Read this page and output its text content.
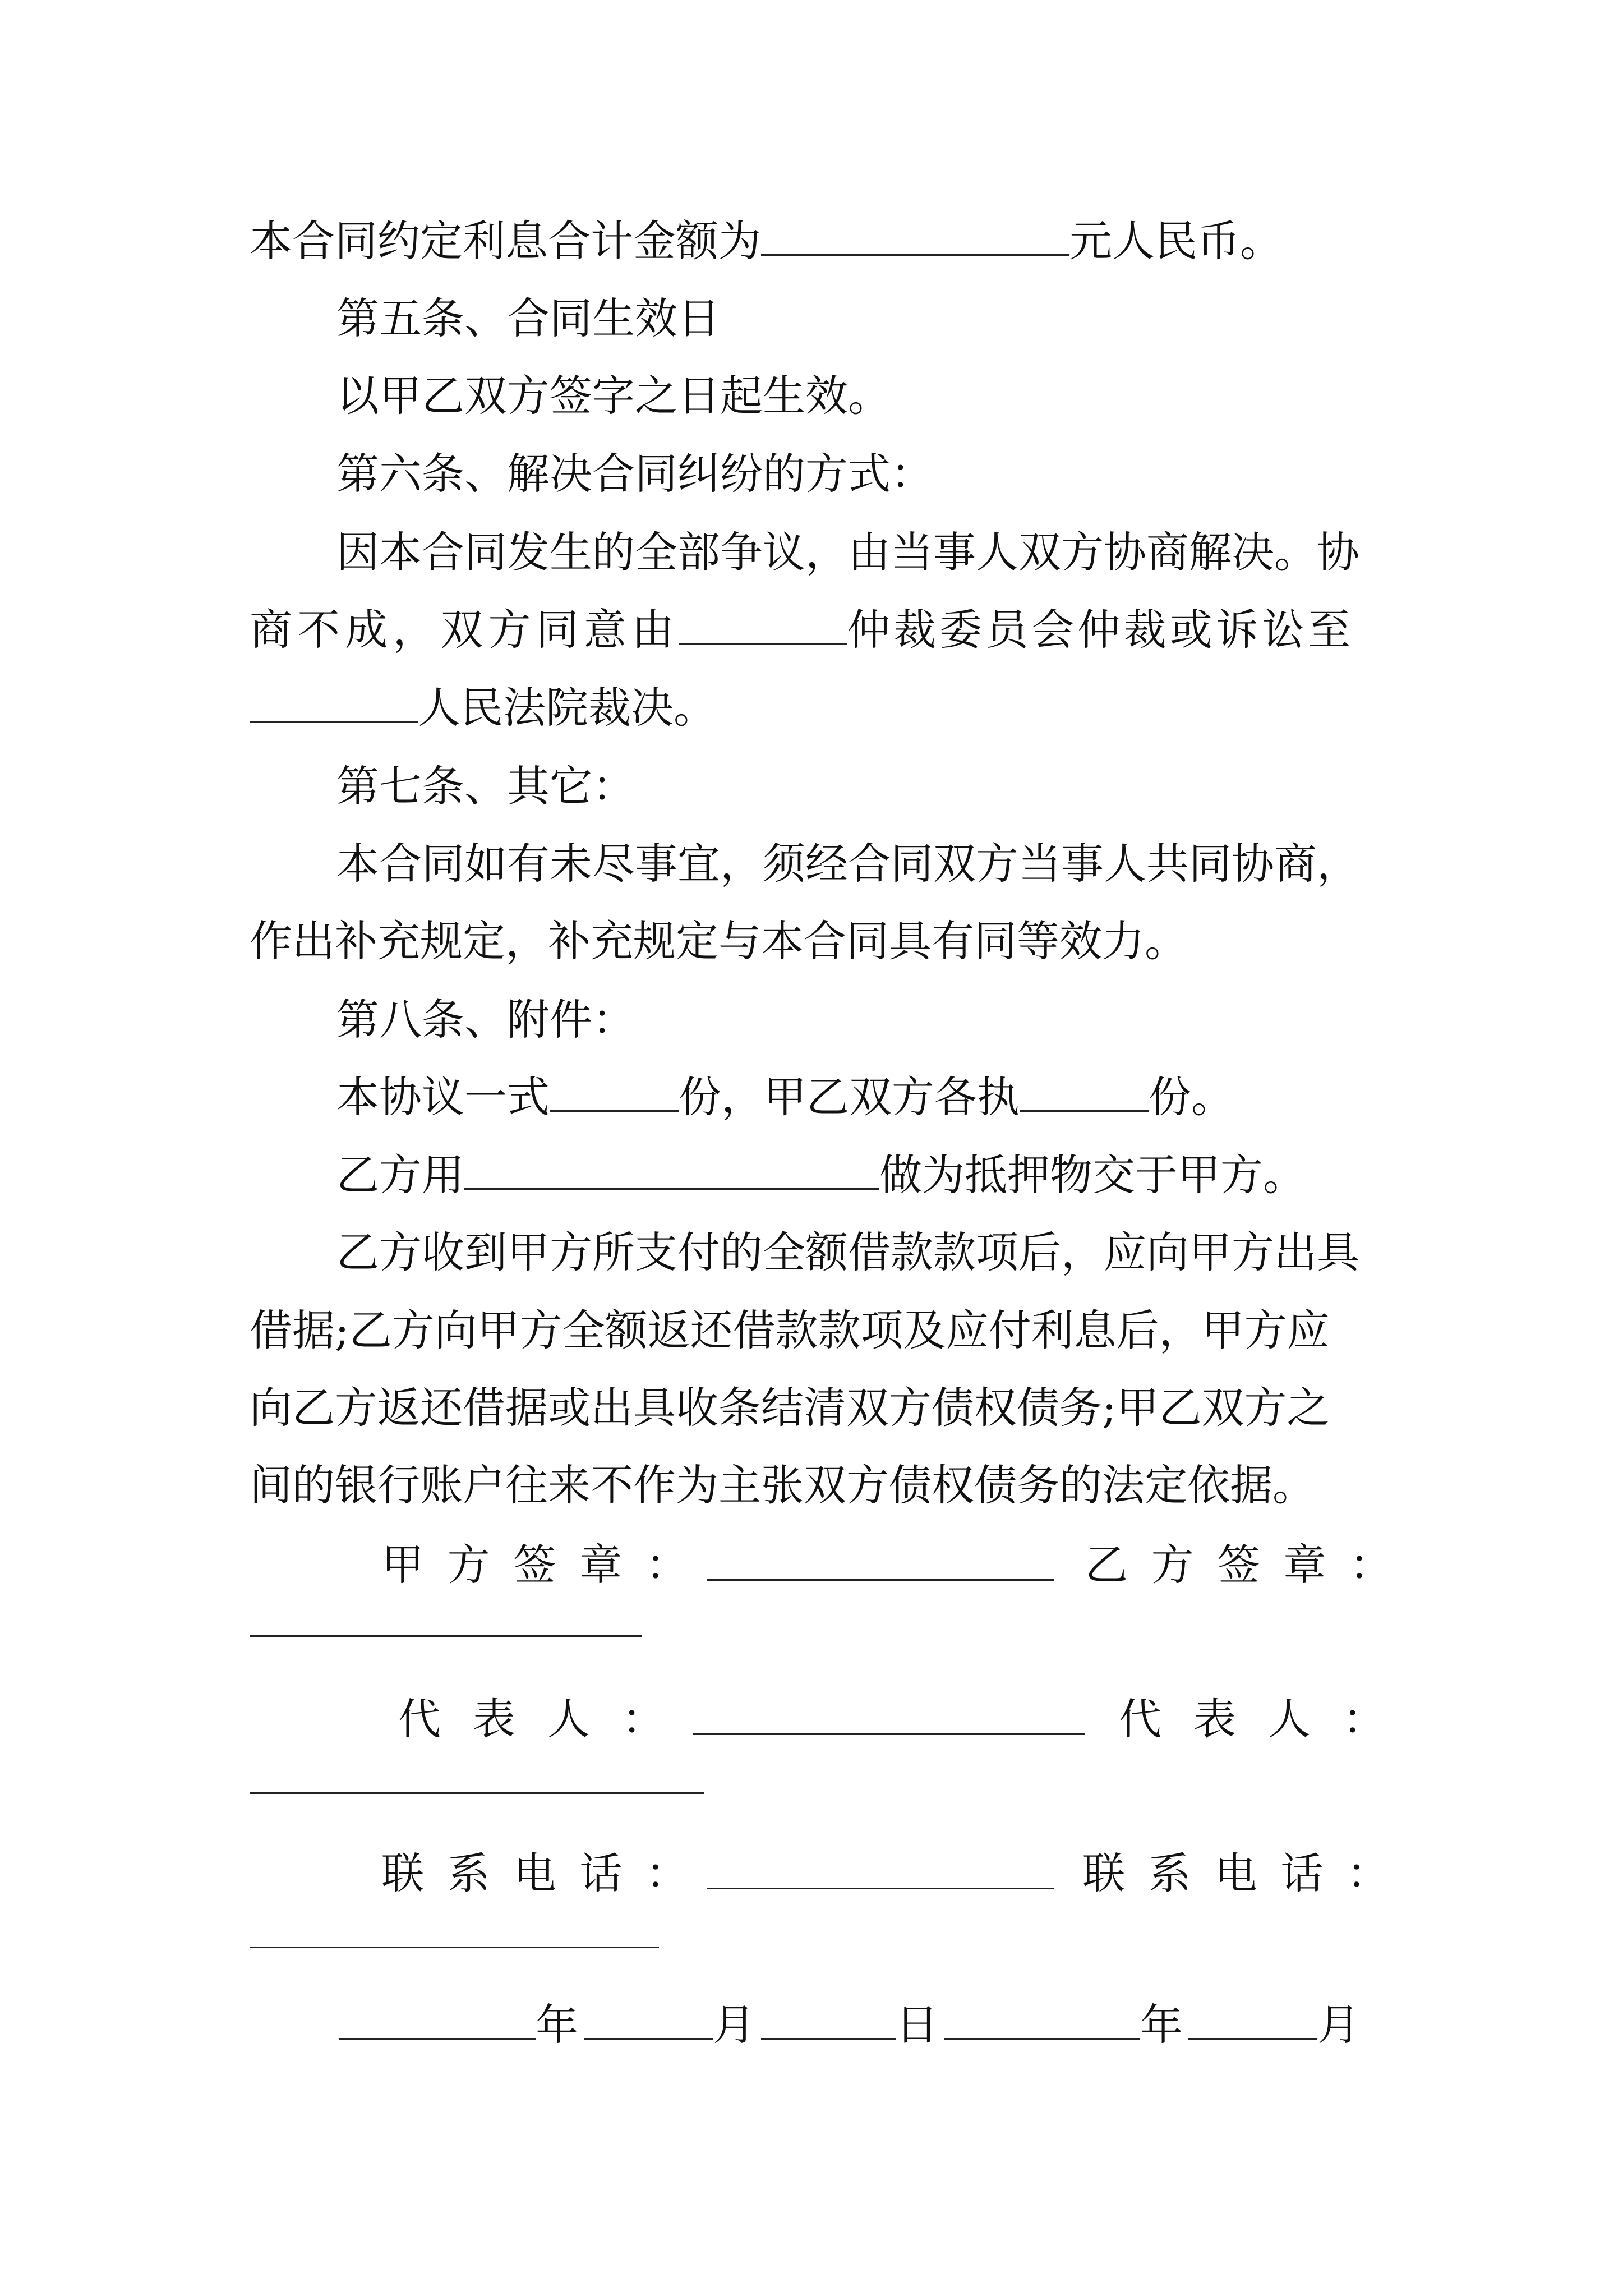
本合同约定利息合计金额为	元人民币。
第五条、合同生效日
以甲乙双方签字之日起生效。
第六条、解决合同纠纷的方式：
因本合同发生的全部争议，由当事人双方协商解决。协
商不成，双方同意由	仲裁委员会仲裁或诉讼至
人民法院裁决。
第七条、其它：
本合同如有未尽事宜，须经合同双方当事人共同协商，
作出补充规定，补充规定与本合同具有同等效力。
第八条、附件：
本协议一式	份，甲乙双方各执	份。
乙方用	做为抵押物交于甲方。
乙方收到甲方所支付的全额借款款项后，应向甲方出具
借据;乙方向甲方全额返还借款款项及应付利息后，甲方应
向乙方返还借据或出具收条结清双方债权债务;甲乙双方之
间的银行账户往来不作为主张双方债权债务的法定依据。
甲方签章：	乙方签章：
代表人：	代表人：
联系电话：	联系电话：
年	月	日	年	月
